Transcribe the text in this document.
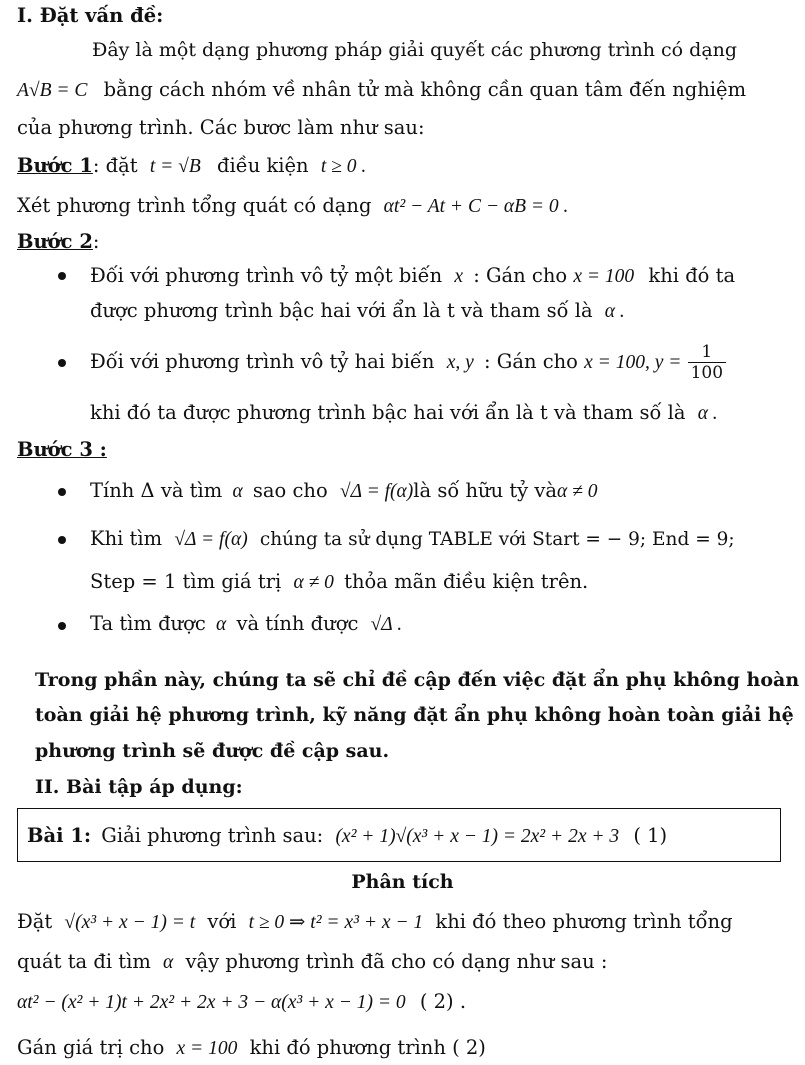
I. Đặt vấn đề:
Đây là một dạng phương pháp giải quyết các phương trình có dạng
A√B = C bằng cách nhóm về nhân tử mà không cần quan tâm đến nghiệm
của phương trình. Các bươc làm như sau:
Bước 1: đặt t = √B điều kiện t ≥ 0 .
Xét phương trình tổng quát có dạng αt² − At + C − αB = 0 .
Bước 2:
Đối với phương trình vô tỷ một biến x : Gán cho x = 100 khi đó ta
được phương trình bậc hai với ẩn là t và tham số là α .
Đối với phương trình vô tỷ hai biến x, y : Gán cho x = 100, $y = \frac{1}{100}$
khi đó ta được phương trình bậc hai với ẩn là t và tham số là α .
Bước 3 :
Tính Δ và tìm α sao cho √Δ = f(α)là số hữu tỷ vàα ≠ 0
Khi tìm √Δ = f(α) chúng ta sử dụng TABLE với Start = − 9; End = 9;
Step = 1 tìm giá trị α ≠ 0 thỏa mãn điều kiện trên.
Ta tìm được α và tính được √Δ .
Trong phần này, chúng ta sẽ chỉ đề cập đến việc đặt ẩn phụ không hoàn
toàn giải hệ phương trình, kỹ năng đặt ẩn phụ không hoàn toàn giải hệ
phương trình sẽ được đề cập sau.
II. Bài tập áp dụng:
Bài 1: Giải phương trình sau: (x² + 1)√(x³ + x − 1) = 2x² + 2x + 3 ( 1)
Phân tích
Đặt √(x³ + x − 1) = t với t ≥ 0 ⇒ t² = x³ + x − 1 khi đó theo phương trình tổng
quát ta đi tìm α vậy phương trình đã cho có dạng như sau :
αt² − (x² + 1)t + 2x² + 2x + 3 − α(x³ + x − 1) = 0 ( 2) .
Gán giá trị cho x = 100 khi đó phương trình ( 2)
